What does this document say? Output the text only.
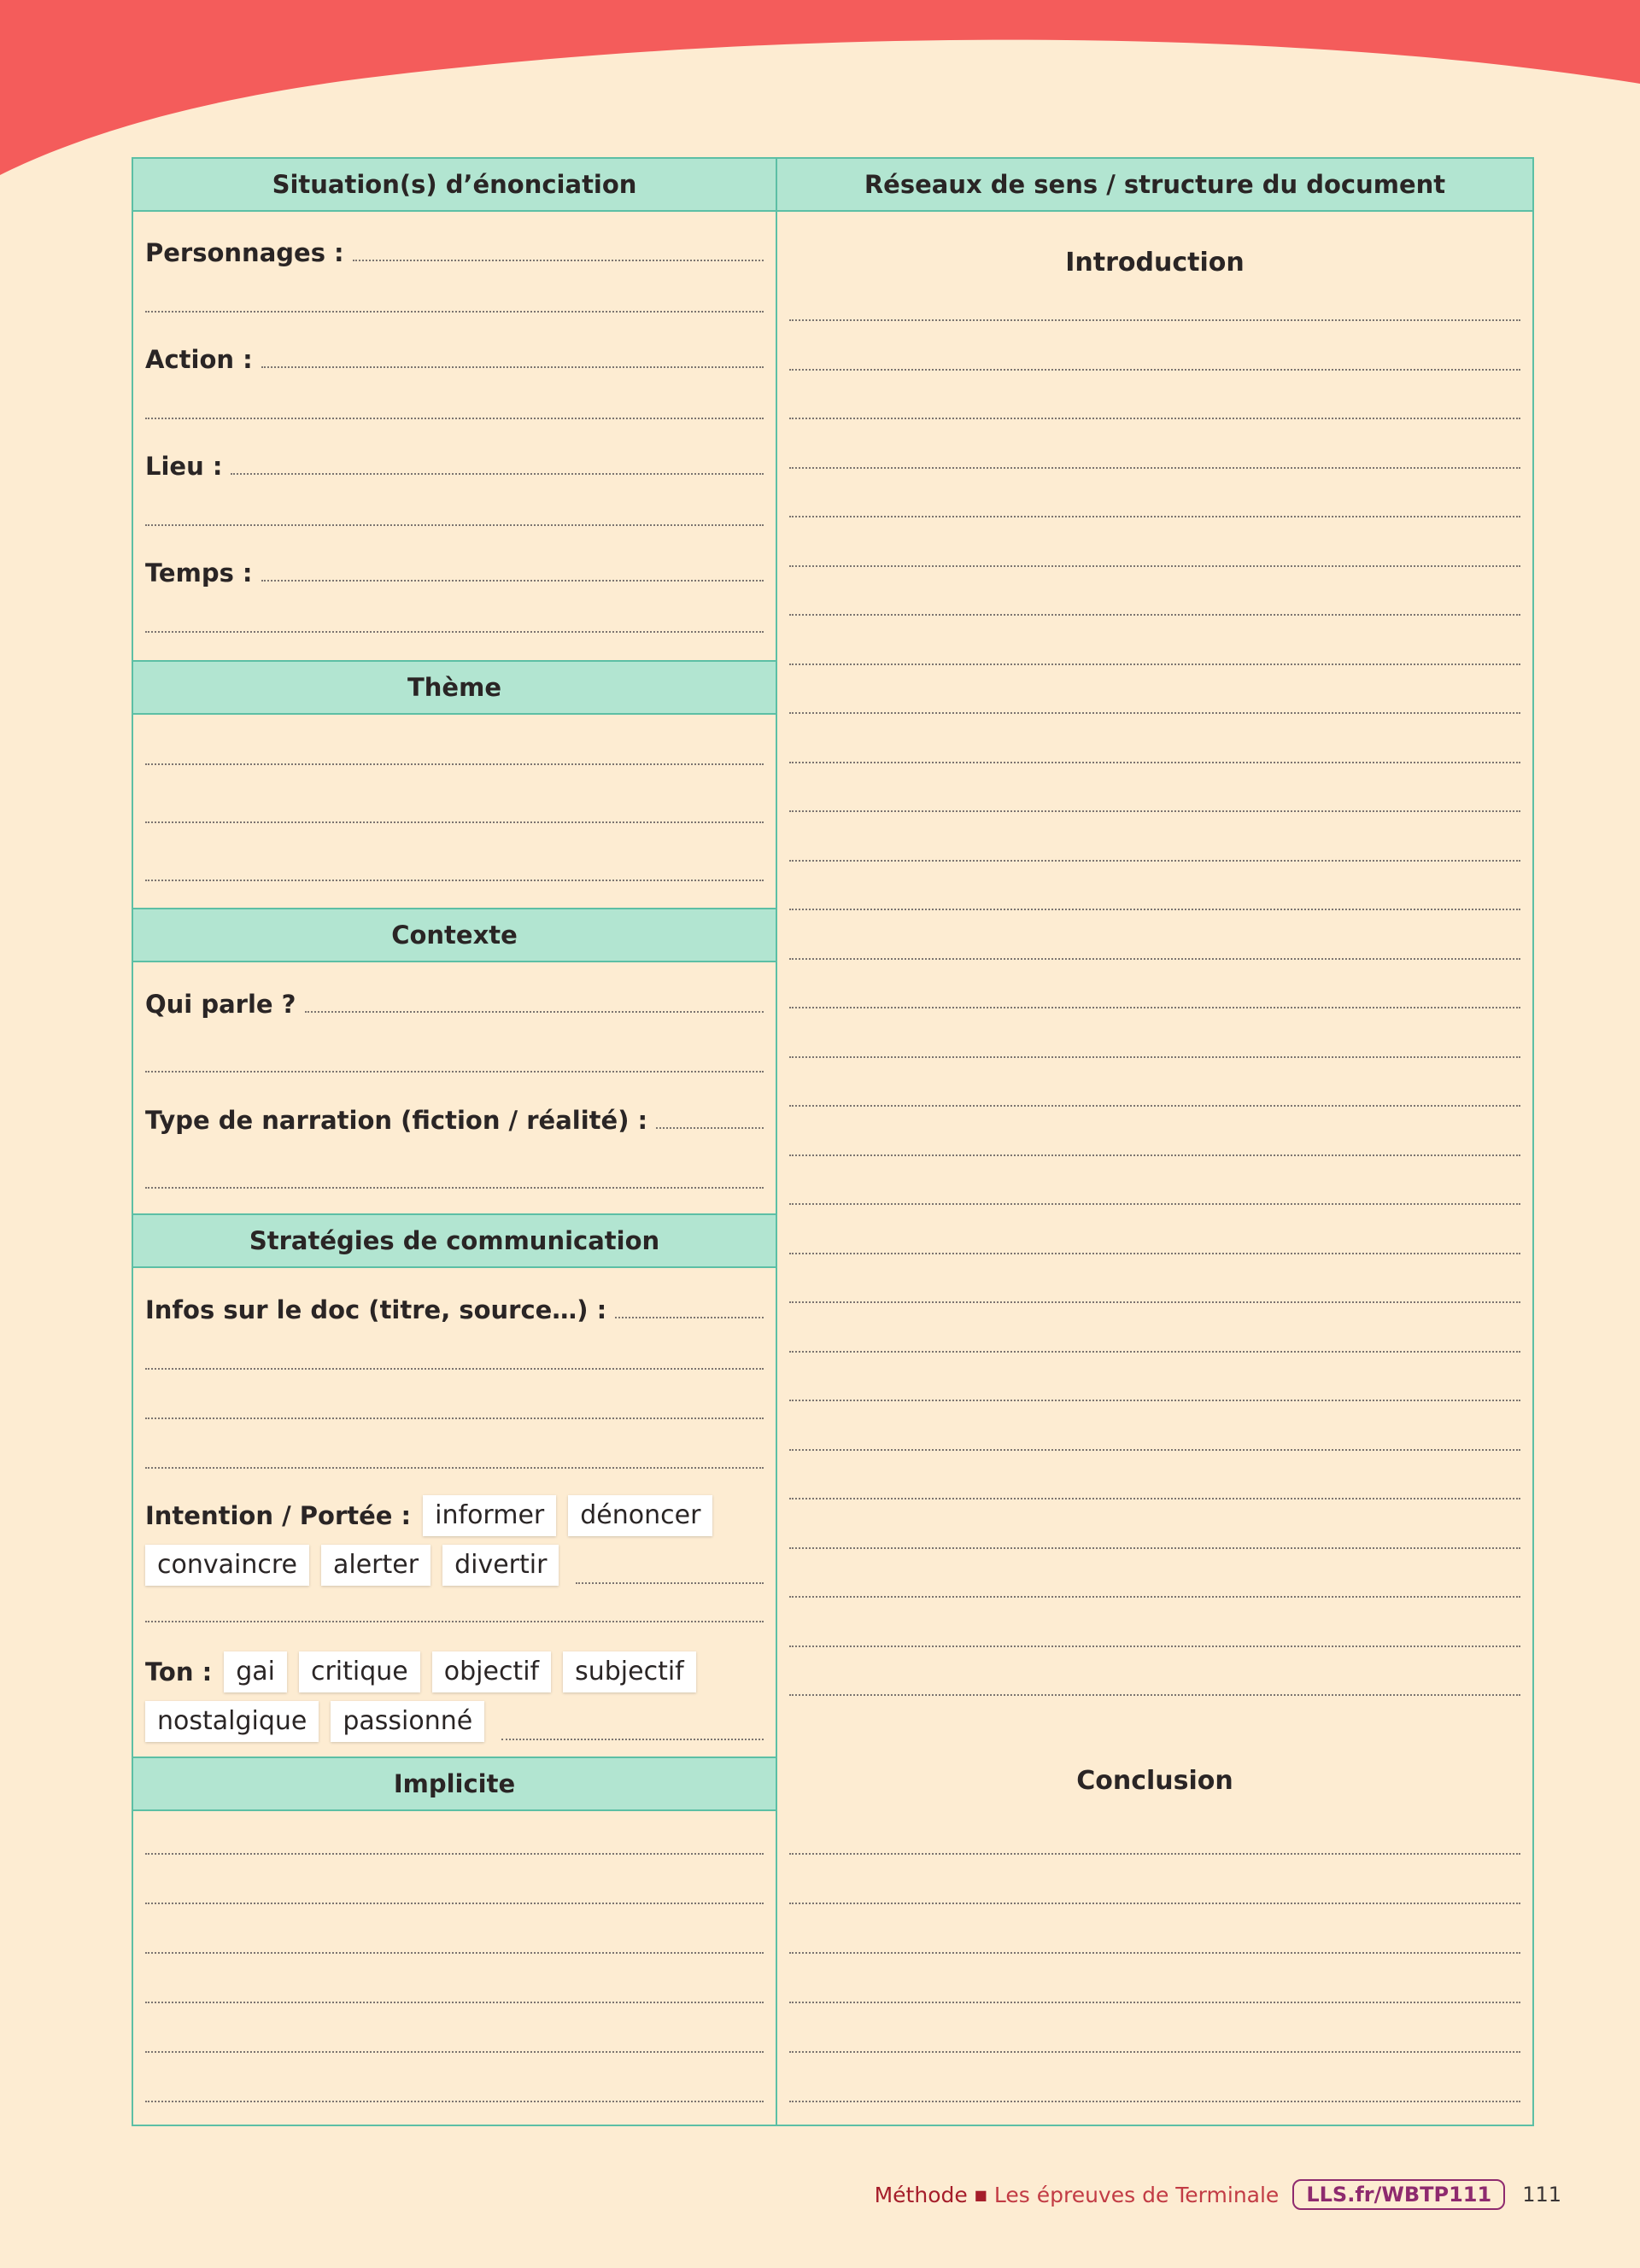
Situation(s) d’énonciation
Personnages :
Action :
Lieu :
Temps :
Thème
Contexte
Qui parle ?
Type de narration (fiction / réalité) :
Stratégies de communication
Infos sur le doc (titre, source…) :
Intention / Portée : informer	dénoncer
convaincre	alerter	divertir
Ton : gai	critique	objectif	subjectif
nostalgique	passionné
Implicite
Réseaux de sens / structure du document
Introduction
Conclusion
Méthode ■ Les épreuves de Terminale	LLS.fr/WBTP111	111
